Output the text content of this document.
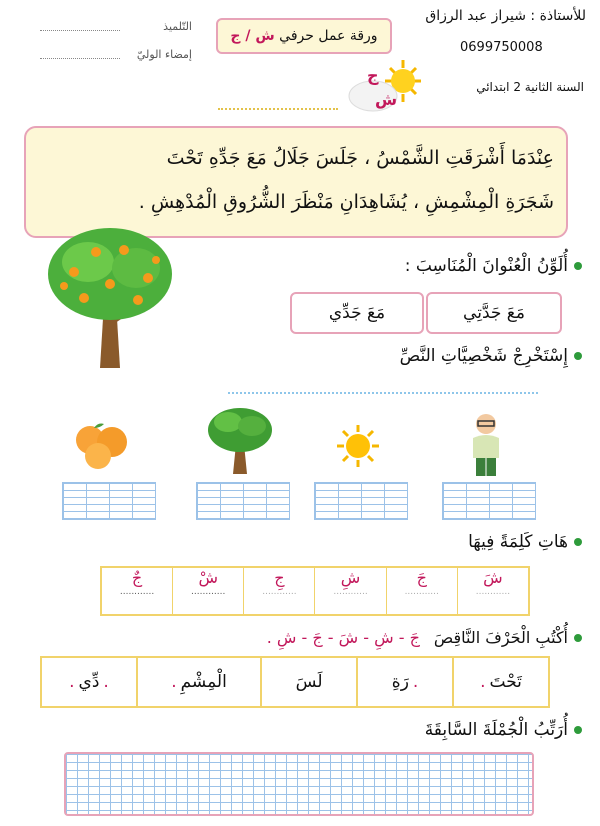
للأستاذة : شيراز عبد الرزاق
0699750008
السنة الثانية 2 ابتدائي
ورقة عمل حرفي ش / ج
التّلميذ
إمضاء الوليّ
ج
ش
عِنْدَمَا أَشْرَقَتِ الشَّمْسُ ، جَلَسَ جَلَالُ مَعَ جَدِّهِ تَحْتَ
شَجَرَةِ الْمِشْمِشِ ، يُشَاهِدَانِ مَنْظَرَ الشُّرُوقِ الْمُدْهِشِ .
أُلَوِّنُ الْعُنْوانَ الْمُنَاسِبَ :
مَعَ جَدَّتِي
مَعَ جَدِّي
إِسْتَخْرِجْ شَخْصِيَّاتِ النَّصِّ
هَاتِ كَلِمَةً فِيهَا
شَ
............
جَ
............
شِ
............
جِ
............
شْ
............
جٌ
............
أُكْتُبِ الْحَرْفَ النَّاقِصَ
جَ - شِ - شَ - جَ - شِ .
تَحْتَ
.
.
رَةِ
لَسَ
الْمِشْمِ
.
.
دِّي
.
أُرَتِّبُ الْجُمْلَةَ السَّابِقَةَ
